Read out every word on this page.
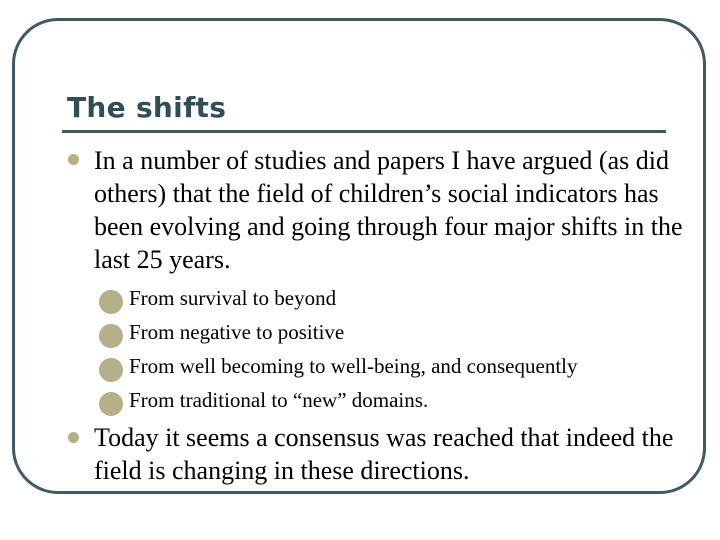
The shifts

In a number of studies and papers I have argued (as did others) that the field of children’s social indicators has been evolving and going through four major shifts in the last 25 years.

From survival to beyond
From negative to positive
From well becoming to well-being, and consequently
From traditional to “new” domains.

Today it seems a consensus was reached that indeed the field is changing in these directions.
